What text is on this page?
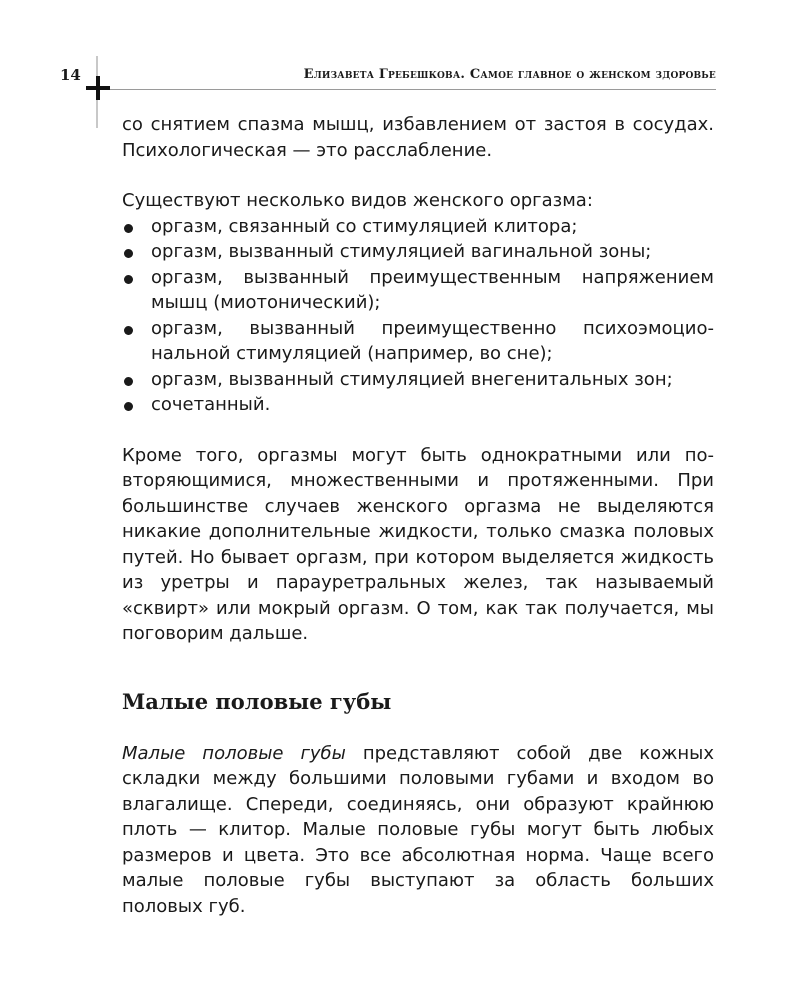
14	Елизавета Гребешкова. Самое главное о женском здоровье

со снятием спазма мышц, избавлением от застоя в сосудах. Психологическая — это расслабление.

Существуют несколько видов женского оргазма:

оргазм, связанный со стимуляцией клитора;
оргазм, вызванный стимуляцией вагинальной зоны;
оргазм, вызванный преимущественным напряжением мышц (миотонический);
оргазм, вызванный преимущественно психоэмоцио-нальной стимуляцией (например, во сне);
оргазм, вызванный стимуляцией внегенитальных зон;
сочетанный.

Кроме того, оргазмы могут быть однократными или повторяющимися, множественными и протяженными. При большинстве случаев женского оргазма не выделяются никакие дополнительные жидкости, только смазка половых путей. Но бывает оргазм, при котором выделяется жидкость из уретры и парауретральных желез, так называемый «сквирт» или мокрый оргазм. О том, как так получается, мы поговорим дальше.

Малые половые губы

Малые половые губы представляют собой две кожных складки между большими половыми губами и входом во влагалище. Спереди, соединяясь, они образуют крайнюю плоть — клитор. Малые половые губы могут быть любых размеров и цвета. Это все абсолютная норма. Чаще всего малые половые губы выступают за область больших половых губ.
